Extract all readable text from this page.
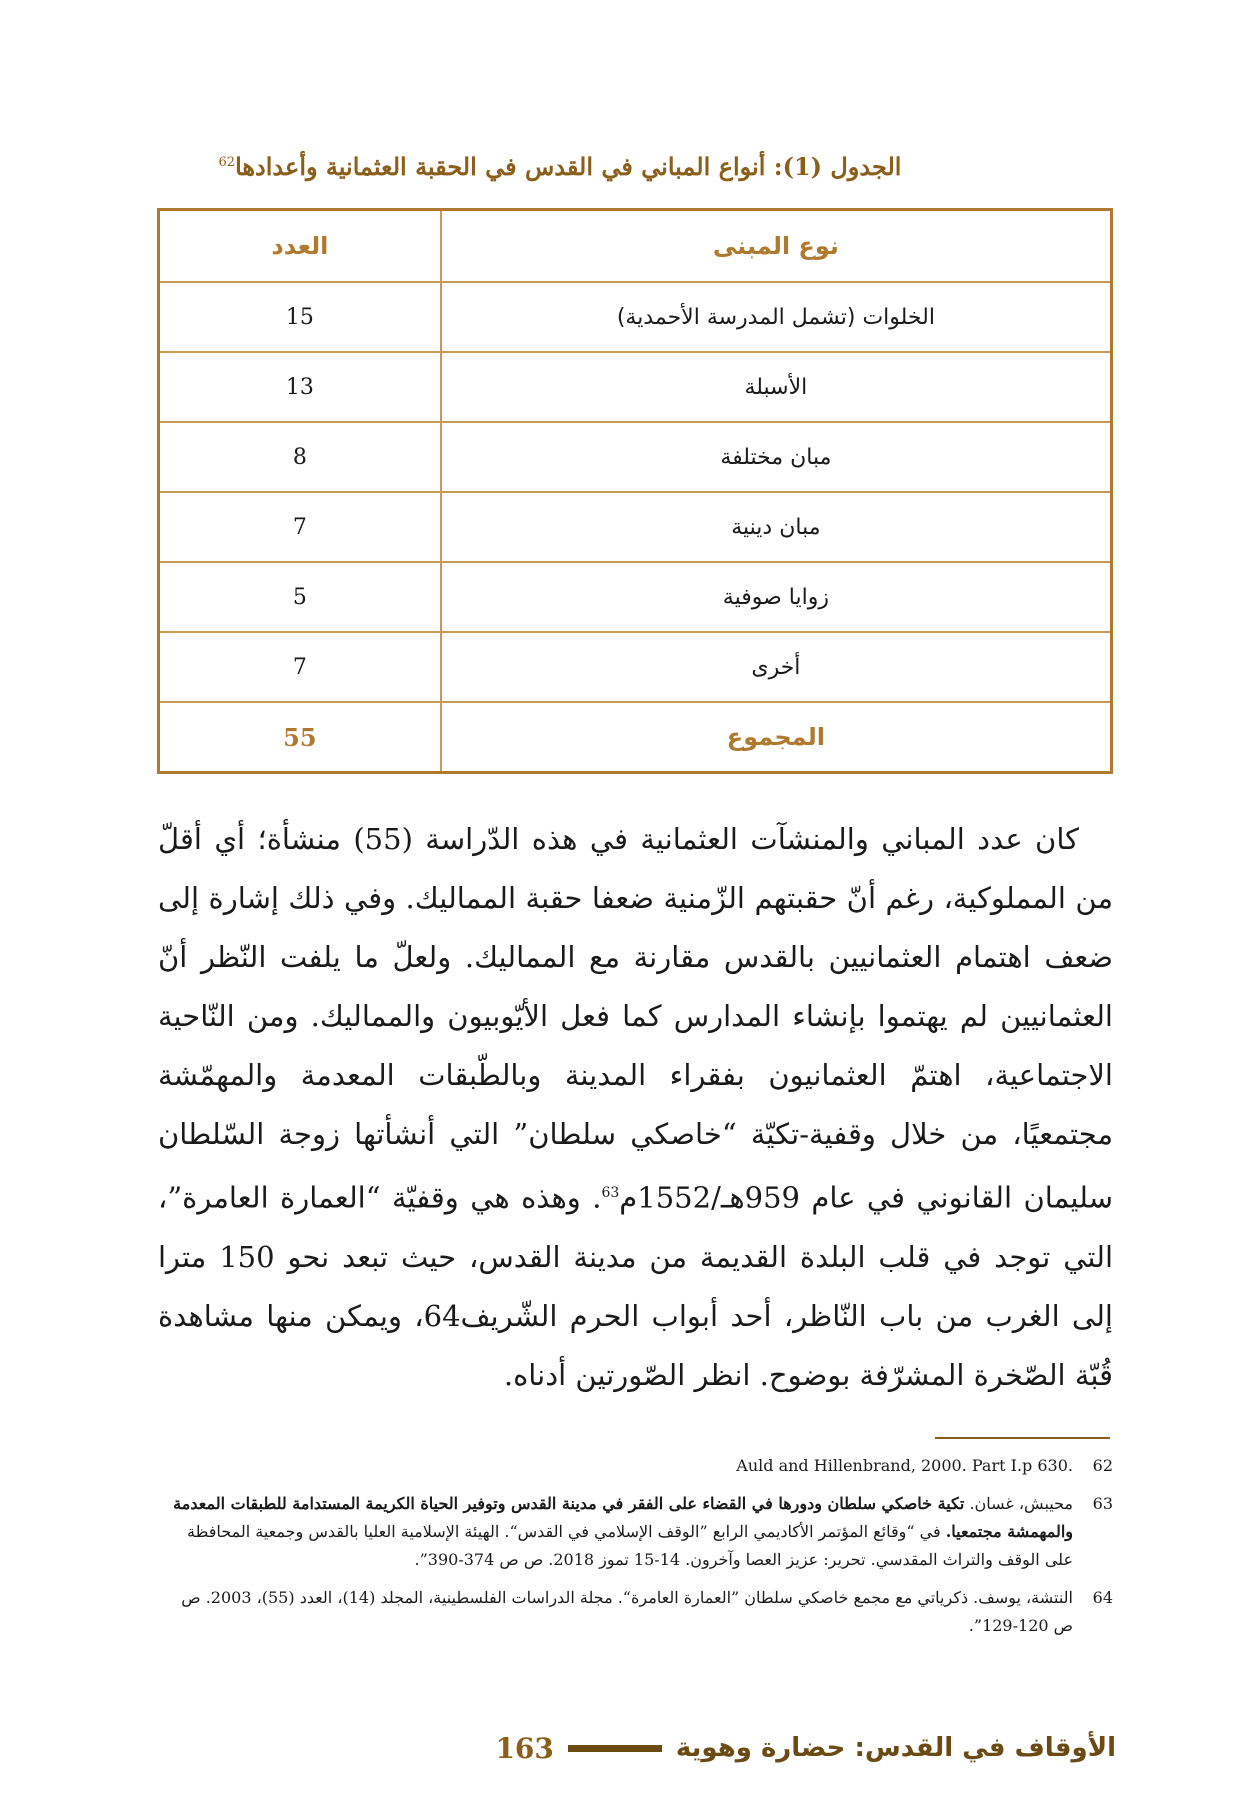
الجدول (1): أنواع المباني في القدس في الحقبة العثمانية وأعدادها$^{62}$
نوع المبنى	العدد
الخلوات (تشمل المدرسة الأحمدية)	15
الأسبلة	13
مبان مختلفة	8
مبان دينية	7
زوايا صوفية	5
أخرى	7
المجموع	55

كان عدد المباني والمنشآت العثمانية في هذه الدّراسة (55) منشأة؛ أي أقلّ من المملوكية، رغم أنّ حقبتهم الزّمنية ضعفا حقبة المماليك. وفي ذلك إشارة إلى ضعف اهتمام العثمانيين بالقدس مقارنة مع المماليك. ولعلّ ما يلفت النّظر أنّ العثمانيين لم يهتموا بإنشاء المدارس كما فعل الأيّوبيون والمماليك. ومن النّاحية الاجتماعية، اهتمّ العثمانيون بفقراء المدينة وبالطّبقات المعدمة والمهمّشة مجتمعيًا، من خلال وقفية-تكيّة “خاصكي سلطان” التي أنشأتها زوجة السّلطان سليمان القانوني في عام 959هـ/1552م$^{63}$. وهذه هي وقفيّة “العمارة العامرة”، التي توجد في قلب البلدة القديمة من مدينة القدس، حيث تبعد نحو 150 مترا إلى الغرب من باب النّاظر، أحد أبواب الحرم الشّريف64، ويمكن منها مشاهدة قُبّة الصّخرة المشرّفة بوضوح. انظر الصّورتين أدناه.

62
.Auld and Hillenbrand, 2000. Part I.p 630
63
محيبش، غسان. تكية خاصكي سلطان ودورها في القضاء على الفقر في مدينة القدس وتوفير الحياة الكريمة المستدامة للطبقات المعدمة والمهمشة مجتمعيا. في “وقائع المؤتمر الأكاديمي الرابع ”الوقف الإسلامي في القدس“. الهيئة الإسلامية العليا بالقدس وجمعية المحافظة على الوقف والتراث المقدسي. تحرير: عزيز العصا وآخرون. 14-15 تموز 2018. ص ص 374-390”.
64
النتشة، يوسف. ذكرياتي مع مجمع خاصكي سلطان ”العمارة العامرة“. مجلة الدراسات الفلسطينية، المجلد (14)، العدد (55)، 2003. ص ص 120-129”.
الأوقاف في القدس: حضارة وهوية
163
